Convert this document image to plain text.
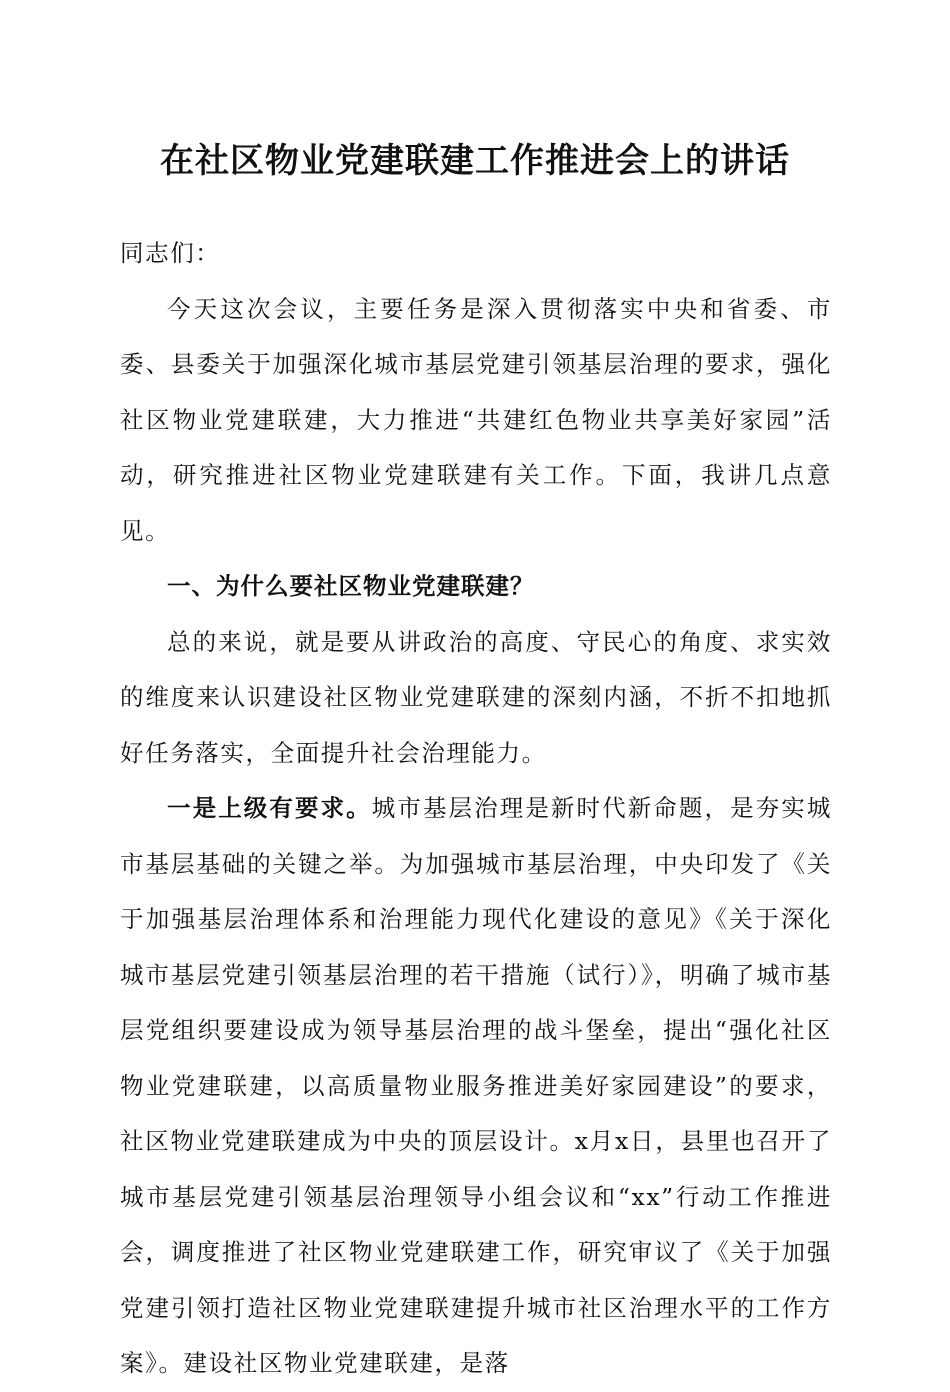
在社区物业党建联建工作推进会上的讲话

同志们：

今天这次会议，主要任务是深入贯彻落实中央和省委、市委、县委关于加强深化城市基层党建引领基层治理的要求，强化社区物业党建联建，大力推进“共建红色物业共享美好家园”活动，研究推进社区物业党建联建有关工作。下面，我讲几点意见。

一、为什么要社区物业党建联建？

总的来说，就是要从讲政治的高度、守民心的角度、求实效的维度来认识建设社区物业党建联建的深刻内涵，不折不扣地抓好任务落实，全面提升社会治理能力。

一是上级有要求。城市基层治理是新时代新命题，是夯实城市基层基础的关键之举。为加强城市基层治理，中央印发了《关于加强基层治理体系和治理能力现代化建设的意见》《关于深化城市基层党建引领基层治理的若干措施（试行）》，明确了城市基层党组织要建设成为领导基层治理的战斗堡垒，提出“强化社区物业党建联建，以高质量物业服务推进美好家园建设”的要求，社区物业党建联建成为中央的顶层设计。x月x日，县里也召开了城市基层党建引领基层治理领导小组会议和“xx”行动工作推进会，调度推进了社区物业党建联建工作，研究审议了《关于加强党建引领打造社区物业党建联建提升城市社区治理水平的工作方案》。建设社区物业党建联建，是落
